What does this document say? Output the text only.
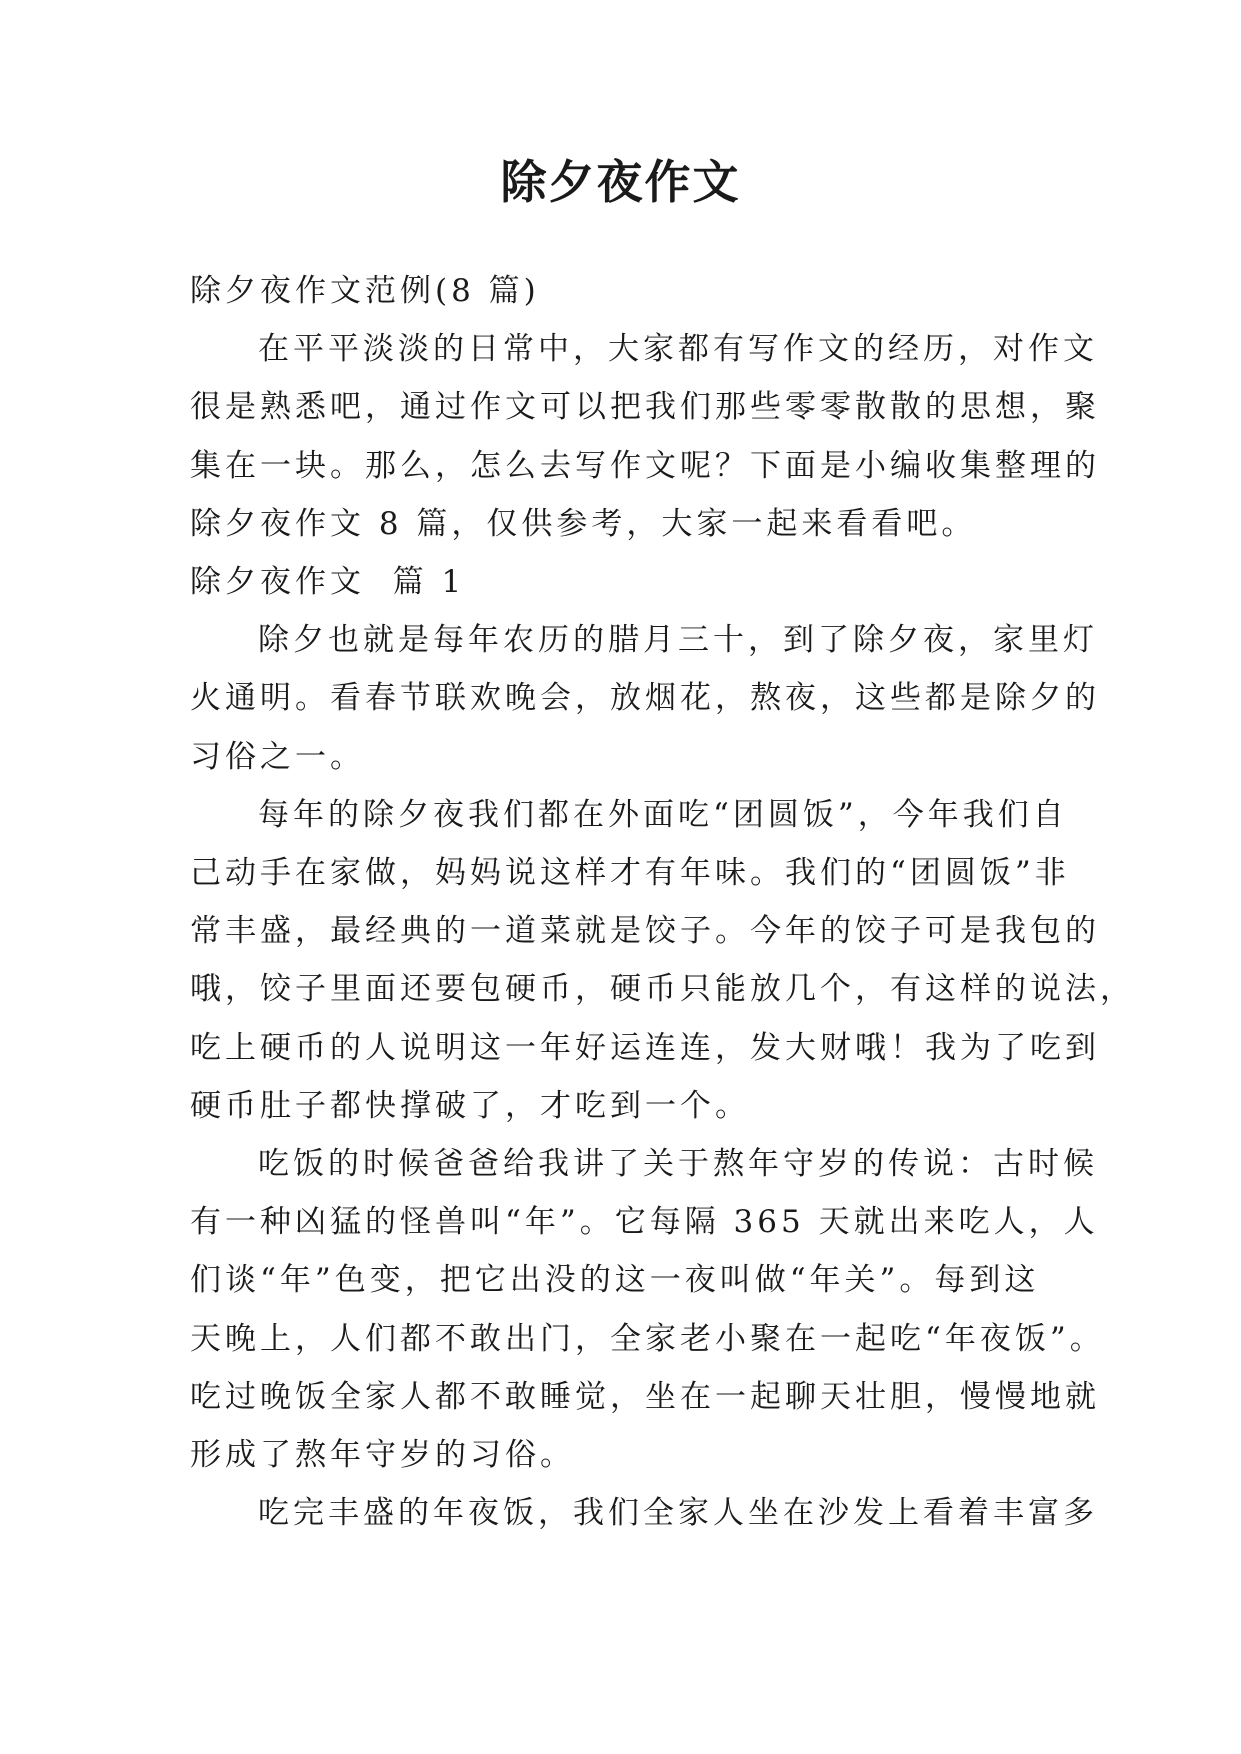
除夕夜作文

除夕夜作文范例(8 篇)

在平平淡淡的日常中，大家都有写作文的经历，对作文

很是熟悉吧，通过作文可以把我们那些零零散散的思想，聚

集在一块。那么，怎么去写作文呢？下面是小编收集整理的

除夕夜作文 8 篇，仅供参考，大家一起来看看吧。

除夕夜作文  篇 1

除夕也就是每年农历的腊月三十，到了除夕夜，家里灯

火通明。看春节联欢晚会，放烟花，熬夜，这些都是除夕的

习俗之一。

每年的除夕夜我们都在外面吃“团圆饭”，今年我们自

己动手在家做，妈妈说这样才有年味。我们的“团圆饭”非

常丰盛，最经典的一道菜就是饺子。今年的饺子可是我包的

哦，饺子里面还要包硬币，硬币只能放几个，有这样的说法，

吃上硬币的人说明这一年好运连连，发大财哦！我为了吃到

硬币肚子都快撑破了，才吃到一个。

吃饭的时候爸爸给我讲了关于熬年守岁的传说：古时候

有一种凶猛的怪兽叫“年”。它每隔 365 天就出来吃人，人

们谈“年”色变，把它出没的这一夜叫做“年关”。每到这

天晚上，人们都不敢出门，全家老小聚在一起吃“年夜饭”。

吃过晚饭全家人都不敢睡觉，坐在一起聊天壮胆，慢慢地就

形成了熬年守岁的习俗。

吃完丰盛的年夜饭，我们全家人坐在沙发上看着丰富多
